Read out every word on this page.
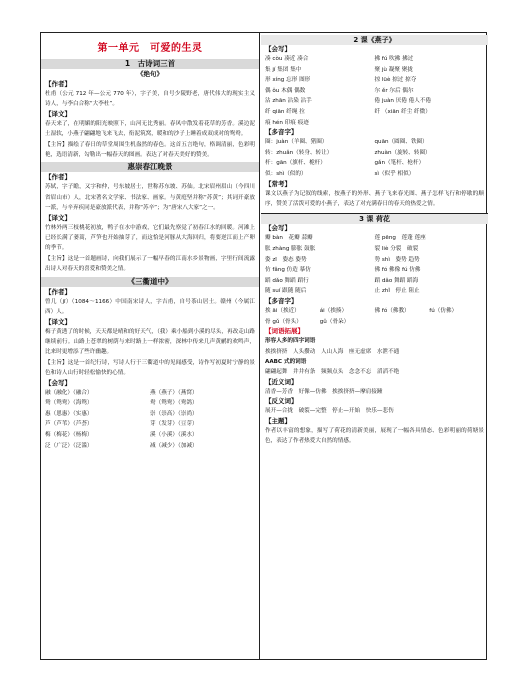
第一单元　可爱的生灵
1　古诗词三首
《绝句》
【作者】

杜甫（公元 712 年—公元 770 年），字子美，自号少陵野老，唐代伟大的现实主义诗人，与李白合称“大李杜”。

【译文】

春天来了，在明媚的阳光映照下，山河无比秀丽。春风中散发着花草的芳香。溪边泥土湿软，小燕子翩翩地飞来飞去，衔泥筑窝，暖和的沙子上睡着成双成对的鸳鸯。

【主旨】描绘了春日的草堂周围生机盎然的春色。这首五言绝句，格调清丽，色彩明艳，选语清新，勾勒出一幅春天的图画。表达了对春天美好的赞美。

惠崇春江晚景
【作者】

苏轼，字子瞻，又字和仲，号东坡居士，世称苏东坡、苏仙。北宋眉州眉山（今四川省眉山市）人，北宋著名文学家、书法家、画家。与黄庭坚并称“苏黄”；其词开豪放一派，与辛弃疾同是豪放派代表，并称“苏辛”；为“唐宋八大家”之一。

【译文】

竹林外两三枝桃花初放，鸭子在水中游戏，它们最先察觉了初春江水的回暖。河滩上已经长满了蒌蒿，芦笋也开始抽芽了，而这恰是河豚从大海回归，将要逆江而上产卵的季节。

【主旨】这是一首题画诗，向我们展示了一幅早春的江南水乡景物画，字里行间流露出诗人对春天的喜爱和赞美之情。

《三衢道中》
【作者】

曾几（jī）（1084～1166）中国南宋诗人，字吉甫，自号茶山居士。赣州（今属江西）人。

【译文】

梅子黄透了的时候，天天都是晴和的好天气，（我）乘小船到小溪的尽头，再改走山路继续前行。山路上苍翠的树荫与来时路上一样浓密，深林中传来几声黄鹂的欢鸣声，比来时更增添了些许幽趣。

【主旨】这是一首纪行诗，写诗人行于三衢道中的见闻感受，诗作写初夏时宁静的景色和诗人山行时轻松愉快的心情。

【会写】
融（融化）（融合）	燕（燕子）（燕窝）
鸳（鸳鸯）（海鸳）	鸯（鸳鸯）（鸯鸽）
惠（恩惠）（实惠）	崇（崇高）（崇尚）
芦（芦苇）（芦荟）	芽（发芽）（豆芽）
梅（梅花）（杨梅）	溪（小溪）（溪水）
泛（广泛）（泛滥）	减（减少）（加减）
2 课《燕子》
【会写】
凑 còu 凑近 凑合	拂 fú 吹拂 拂过
集 jí 集团 集中	聚 jù 凝聚 聚拢
形 xíng 忘形 图形	掠 lüè 掠过 掠夺
偶 ǒu 木偶 偶数	尔 ěr 尔后 偶尔
沾 zhān 沾染 沾手	倦 juàn 厌倦 倦人不倦
纤 qiān 纤绳 拉	纤 （xiān 纤尘 纤微）
痕 hén 印痕 痕迹
【多音字】
圈：juàn（羊圈、猪圈）	quān（圆圈、铁圈）
转：zhuǎn（转身、转让）	zhuàn（旋转、转圈）
杆：gān（旗杆、桅杆）	gǎn（笔杆、枪杆）
似：shì（似的）	sì（似乎 相似）
【常考】

课文以燕子为记叙的线索，按燕子的外形、燕子飞来春光图、燕子怎样飞行和停歇的顺序，赞美了活泼可爱的小燕子，表达了对充满春日的春天的热爱之情。

3 课 荷花
【会写】
瓣 bàn　花瓣 蒜瓣	莲 pēng　莲蓬 莲座
胀 zhàng 膨胀 鼓胀	裂 liè 分裂　破裂
姿 zī　姿态 姿势	势 shì　姿势 趋势
仿 fǎng 仿造 摹仿	佛 fó 佛像 fú 仿佛
蹈 dǎo 舞蹈 蹈行	蹈 dǎo 舞蹈 蹈海
随 suí 跟随 随后	止 zhǐ　停止 阻止
【多音字】
挨 āi（挨近）	ái（挨揍）	佛 fó（佛教）	fú（仿佛）
骨 gǔ（骨头）	gǔ（骨朵）
【词语拓展】

形容人多的四字词语

挨挨挤挤　人头攒动　人山人海　座无虚席　水泄不通

AABC 式的词语

翩翩起舞　井井有条　频频点头　念念不忘　滔滔不绝

【近义词】

清香—芳香　好像—仿佛　挨挨挤挤—摩肩接踵

【反义词】

展开—合拢　破裂—完整　停止—开始　快乐—悲伤

【主题】

作者以丰富的想象，描写了荷花的清新美丽，展现了一幅各具情态、色彩明丽的荷塘景色，表达了作者热爱大自然的情感。
